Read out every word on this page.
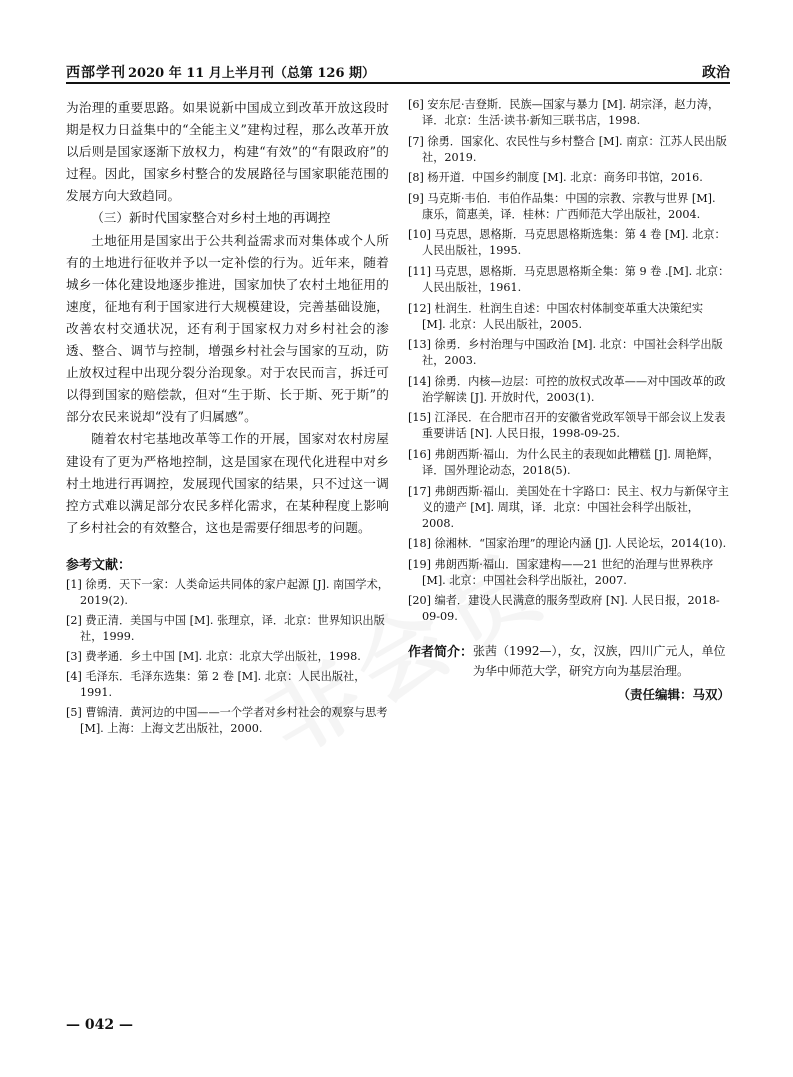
西部学刊 2020 年 11 月上半月刊（总第 126 期）	政治

为治理的重要思路。如果说新中国成立到改革开放这段时期是权力日益集中的“全能主义”建构过程，那么改革开放以后则是国家逐渐下放权力，构建“有效”的“有限政府”的过程。因此，国家乡村整合的发展路径与国家职能范围的发展方向大致趋同。

（三）新时代国家整合对乡村土地的再调控

土地征用是国家出于公共利益需求而对集体或个人所有的土地进行征收并予以一定补偿的行为。近年来，随着城乡一体化建设地逐步推进，国家加快了农村土地征用的速度，征地有利于国家进行大规模建设，完善基础设施，改善农村交通状况，还有利于国家权力对乡村社会的渗透、整合、调节与控制，增强乡村社会与国家的互动，防止放权过程中出现分裂分治现象。对于农民而言，拆迁可以得到国家的赔偿款，但对“生于斯、长于斯、死于斯”的部分农民来说却“没有了归属感”。

随着农村宅基地改革等工作的开展，国家对农村房屋建设有了更为严格地控制，这是国家在现代化进程中对乡村土地进行再调控，发展现代国家的结果，只不过这一调控方式难以满足部分农民多样化需求，在某种程度上影响了乡村社会的有效整合，这也是需要仔细思考的问题。

参考文献：
[1] 徐勇．天下一家：人类命运共同体的家户起源 [J]. 南国学术，2019(2).
[2] 费正清．美国与中国 [M]. 张理京，译．北京：世界知识出版社，1999.
[3] 费孝通．乡土中国 [M]. 北京：北京大学出版社，1998.
[4] 毛泽东．毛泽东选集：第 2 卷 [M]. 北京：人民出版社，1991.
[5] 曹锦清．黄河边的中国——一个学者对乡村社会的观察与思考 [M]. 上海：上海文艺出版社，2000.
[6] 安东尼·吉登斯．民族—国家与暴力 [M]. 胡宗泽，赵力涛，译．北京：生活·读书·新知三联书店，1998.
[7] 徐勇．国家化、农民性与乡村整合 [M]. 南京：江苏人民出版社，2019.
[8] 杨开道．中国乡约制度 [M]. 北京：商务印书馆，2016.
[9] 马克斯·韦伯．韦伯作品集：中国的宗教、宗教与世界 [M]. 康乐，简惠美，译．桂林：广西师范大学出版社，2004.
[10] 马克思，恩格斯．马克思恩格斯选集：第 4 卷 [M]. 北京：人民出版社，1995.
[11] 马克思，恩格斯．马克思恩格斯全集：第 9 卷 .[M]. 北京：人民出版社，1961.
[12] 杜润生．杜润生自述：中国农村体制变革重大决策纪实 [M]. 北京：人民出版社，2005.
[13] 徐勇．乡村治理与中国政治 [M]. 北京：中国社会科学出版社，2003.
[14] 徐勇．内核—边层：可控的放权式改革——对中国改革的政治学解读 [J]. 开放时代，2003(1).
[15] 江泽民．在合肥市召开的安徽省党政军领导干部会议上发表重要讲话 [N]. 人民日报，1998-09-25.
[16] 弗朗西斯·福山．为什么民主的表现如此糟糕 [J]. 周艳辉，译．国外理论动态，2018(5).
[17] 弗朗西斯·福山．美国处在十字路口：民主、权力与新保守主义的遗产 [M]. 周琪，译．北京：中国社会科学出版社，2008.
[18] 徐湘林．“国家治理”的理论内涵 [J]. 人民论坛，2014(10).
[19] 弗朗西斯·福山．国家建构——21 世纪的治理与世界秩序 [M]. 北京：中国社会科学出版社，2007.
[20] 编者．建设人民满意的服务型政府 [N]. 人民日报，2018-09-09.
作者简介： 张茜（1992—），女，汉族，四川广元人，单位为华中师范大学，研究方向为基层治理。
（责任编辑：马双）
— 042 —
